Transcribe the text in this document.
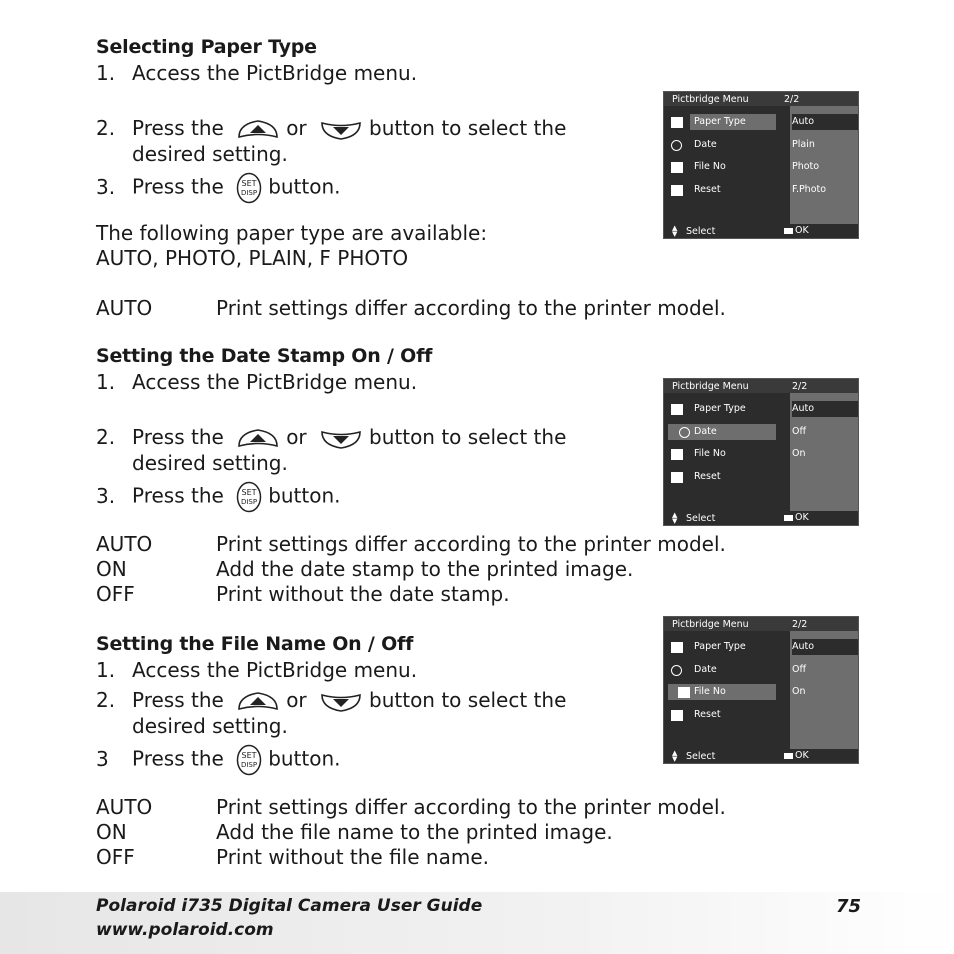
Selecting Paper Type
1. Access the PictBridge menu.
2. Press the	or	button to select the
desired setting.
3. Press the SET
DISP button.
The following paper type are available:
AUTO, PHOTO, PLAIN, F PHOTO
AUTO	Print settings differ according to the printer model.
Pictbridge Menu	2/2
Paper Type
Date
File No
Reset
Auto
Plain
Photo
F.Photo
▲
▼ Select	OK
Setting the Date Stamp On / Off
1. Access the PictBridge menu.
2. Press the	or	button to select the
desired setting.
3. Press the SET
DISP button.
AUTO	Print settings differ according to the printer model.
ON	Add the date stamp to the printed image.
OFF	Print without the date stamp.
Pictbridge Menu	2/2
Paper Type
Date
File No
Reset
Auto
Off
On
▲
▼ Select	OK
Setting the File Name On / Off
1. Access the PictBridge menu.
2. Press the	or	button to select the
desired setting.
3 Press the SET
DISP button.
AUTO	Print settings differ according to the printer model.
ON	Add the file name to the printed image.
OFF	Print without the file name.
Pictbridge Menu	2/2
Paper Type
Date
File No
Reset
Auto
Off
On
▲
▼ Select	OK
Polaroid i735 Digital Camera User Guide
www.polaroid.com
75
